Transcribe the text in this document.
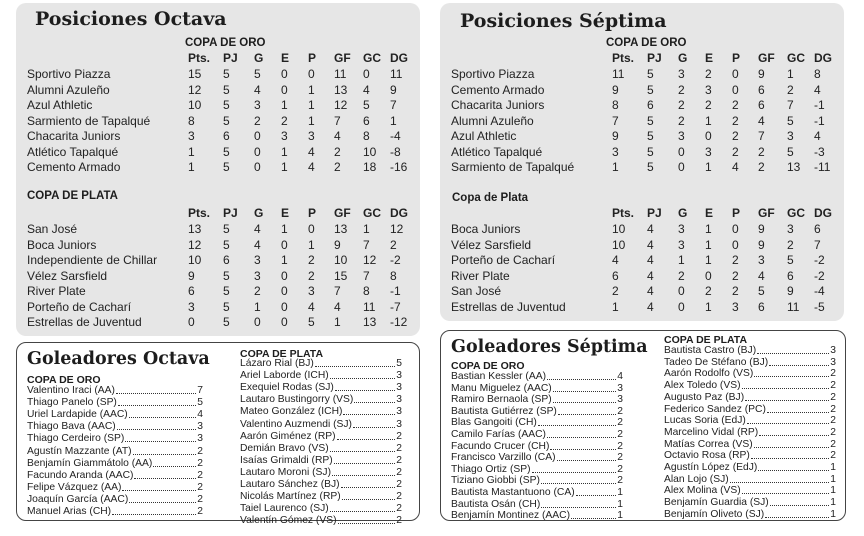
Posiciones Octava
COPA DE ORO
Pts. PJ G E P GF GC DG
Sportivo Piazza	15 5 5 0 0 11 0 11
Alumni Azuleño	12 5 4 0 1 13 4 9
Azul Athletic	10 5 3 1 1 12 5 7
Sarmiento de Tapalqué	8 5 2 2 1 7 6 1
Chacarita Juniors	3 6 0 3 3 4 8 -4
Atlético Tapalqué	1 5 0 1 4 2 10 -8
Cemento Armado	1 5 0 1 4 2 18 -16
COPA DE PLATA
Pts. PJ G E P GF GC DG
San José	13 5 4 1 0 13 1 12
Boca Juniors	12 5 4 0 1 9 7 2
Independiente de Chillar	10 6 3 1 2 10 12 -2
Vélez Sarsfield	9 5 3 0 2 15 7 8
River Plate	6 5 2 0 3 7 8 -1
Porteño de Cacharí	3 5 1 0 4 4 11 -7
Estrellas de Juventud	0 5 0 0 5 1 13 -12
Posiciones Séptima
COPA DE ORO
Pts. PJ G E P GF GC DG
Sportivo Piazza	11 5 3 2 0 9 1 8
Cemento Armado	9 5 2 3 0 6 2 4
Chacarita Juniors	8 6 2 2 2 6 7 -1
Alumni Azuleño	7 5 2 1 2 4 5 -1
Azul Athletic	9 5 3 0 2 7 3 4
Atlético Tapalqué	3 5 0 3 2 2 5 -3
Sarmiento de Tapalqué	1 5 0 1 4 2 13 -11
Copa de Plata
Pts. PJ G E P GF GC DG
Boca Juniors	10 4 3 1 0 9 3 6
Vélez Sarsfield	10 4 3 1 0 9 2 7
Porteño de Cacharí	4 4 1 1 2 3 5 -2
River Plate	6 4 2 0 2 4 6 -2
San José	2 4 0 2 2 5 9 -4
Estrellas de Juventud	1 4 0 1 3 6 11 -5
Goleadores Octava
COPA DE ORO
Valentino Iraci (AA)	7
Thiago Panelo (SP)	5
Uriel Lardapide (AAC)	4
Thiago Bava (AAC)	3
Thiago Cerdeiro (SP)	3
Agustín Mazzante (AT)	2
Benjamín Giammátolo (AA)	2
Facundo Aranda (AAC)	2
Felipe Vázquez (AA)	2
Joaquín García (AAC)	2
Manuel Arias (CH)	2
COPA DE PLATA
Lázaro Rial (BJ)	5
Ariel Laborde (ICH)	3
Exequiel Rodas (SJ)	3
Lautaro Bustingorry (VS)	3
Mateo González (ICH)	3
Valentino Auzmendi (SJ)	3
Aarón Giménez (RP)	2
Demián Bravo (VS)	2
Isaías Grimaldi (RP)	2
Lautaro Moroni (SJ)	2
Lautaro Sánchez (BJ)	2
Nicolás Martínez (RP)	2
Taiel Laurenco (SJ)	2
Valentín Gómez (VS)	2
Goleadores Séptima
COPA DE ORO
Bastian Kessler (AA)	4
Manu Miguelez (AAC)	3
Ramiro Bernaola (SP)	3
Bautista Gutiérrez (SP)	2
Blas Gangoiti (CH)	2
Camilo Farías (AAC)	2
Facundo Crucer (CH)	2
Francisco Varzillo (CA)	2
Thiago Ortiz (SP)	2
Tiziano Giobbi (SP)	2
Bautista Mastantuono (CA)	1
Bautista Osán (CH)	1
Benjamín Montinez (AAC)	1
COPA DE PLATA
Bautista Castro (BJ)	3
Tadeo De Stéfano (BJ)	3
Aarón Rodolfo (VS)	2
Alex Toledo (VS)	2
Augusto Paz (BJ)	2
Federico Sandez (PC)	2
Lucas Soria (EdJ)	2
Marcelino Vidal (RP)	2
Matías Correa (VS)	2
Octavio Rosa (RP)	2
Agustín López (EdJ)	1
Alan Lojo (SJ)	1
Alex Molina (VS)	1
Benjamín Guardia (SJ)	1
Benjamín Oliveto (SJ)	1
